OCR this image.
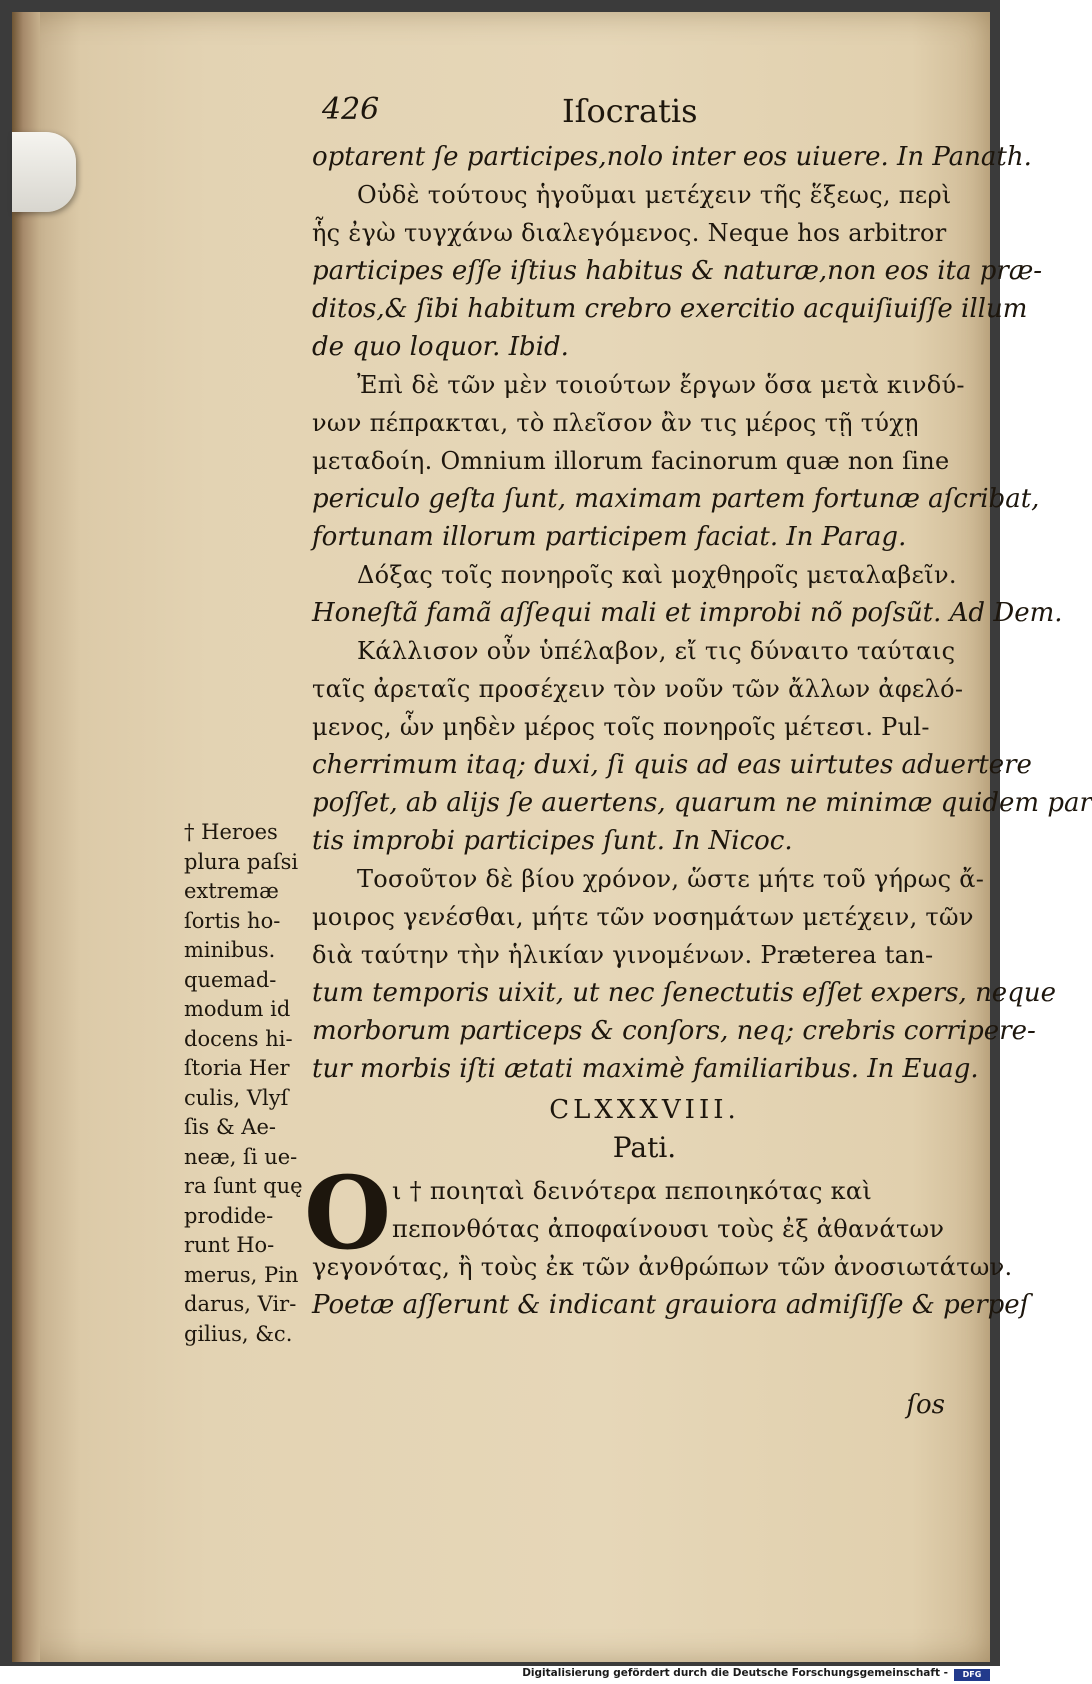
426	Iſocratis
optarent ſe participes,nolo inter eos uiuere. In Panath.
Οὐδὲ τούτους ἡγοῦμαι μετέχειν τῆς ἕξεως, περὶ
ἧς ἐγὼ τυγχάνω διαλεγόμενος. Neque hos arbitror
participes eſſe iſtius habitus & naturæ,non eos ita præ-
ditos,& ſibi habitum crebro exercitio acquiſiuiſſe illum
de quo loquor. Ibid.
Ἐπὶ δὲ τῶν μὲν τοιούτων ἔργων ὅσα μετὰ κινδύ-
νων πέπρακται, τὸ πλεῖσον ἂν τις μέρος τῇ τύχῃ
μεταδοίη. Omnium illorum facinorum quæ non ſine
periculo geſta ſunt, maximam partem fortunæ aſcribat,
fortunam illorum participem faciat. In Parag.
Δόξας τοῖς πονηροῖς καὶ μοχθηροῖς μεταλαβεῖν.
Honeſtã famã aſſequi mali et improbi nõ poſsũt. Ad Dem.
Κάλλισον οὖν ὑπέλαβον, εἴ τις δύναιτο ταύταις
ταῖς ἀρεταῖς προσέχειν τὸν νοῦν τῶν ἄλλων ἀφελό-
μενος, ὧν μηδὲν μέρος τοῖς πονηροῖς μέτεσι. Pul-
cherrimum itaq; duxi, ſi quis ad eas uirtutes aduertere
poſſet, ab alijs ſe auertens, quarum ne minimæ quidem par
tis improbi participes ſunt. In Nicoc.
Τοσοῦτον δὲ βίου χρόνον, ὥστε μήτε τοῦ γήρως ἄ-
μοιρος γενέσθαι, μήτε τῶν νοσημάτων μετέχειν, τῶν
διὰ ταύτην τὴν ἡλικίαν γινομένων. Præterea tan-
tum temporis uixit, ut nec ſenectutis eſſet expers, neque
morborum particeps & conſors, neq; crebris corripere-
tur morbis iſti ætati maximè familiaribus. In Euag.
CLXXXVIII.
Pati.
O ι † ποιηταὶ δεινότερα πεποιηκότας καὶ
πεπονθότας ἀποφαίνουσι τοὺς ἐξ ἀθανάτων
γεγονότας, ἢ τοὺς ἐκ τῶν ἀνθρώπων τῶν ἀνοσιωτάτων.
Poetæ aſſerunt & indicant grauiora admiſiſſe & perpeſ
ſos
† Heroes
plura paſsi
extremæ
ſortis ho-
minibus.
quemad-
modum id
docens hi-
ſtoria Her
culis, Vlyſ
ſis & Ae-
neæ, ſi ue-
ra ſunt quę
prodide-
runt Ho-
merus, Pin
darus, Vir-
gilius, &c.
Digitalisierung gefördert durch die Deutsche Forschungsgemeinschaft -	DFG
